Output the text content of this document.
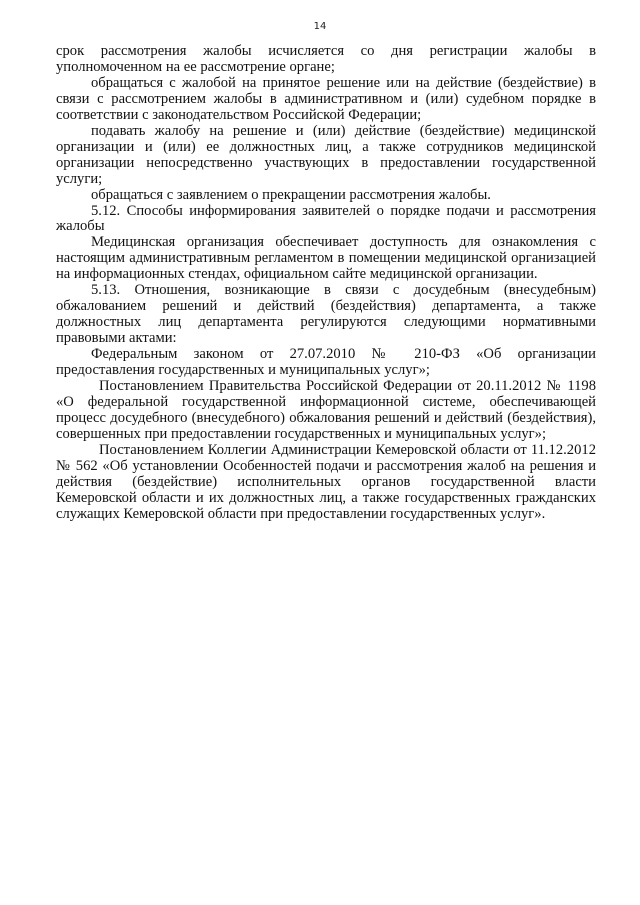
14

срок рассмотрения жалобы исчисляется со дня регистрации жалобы в уполномоченном на ее рассмотрение органе;

обращаться с жалобой на принятое решение или на действие (бездействие) в связи с рассмотрением жалобы в административном и (или) судебном порядке в соответствии с законодательством Российской Федерации;

подавать жалобу на решение и (или) действие (бездействие) медицинской организации и (или) ее должностных лиц, а также сотрудников медицинской организации непосредственно участвующих в предоставлении государственной услуги;

обращаться с заявлением о прекращении рассмотрения жалобы.

5.12. Способы информирования заявителей о порядке подачи и рассмотрения жалобы

Медицинская организация обеспечивает доступность для ознакомления с настоящим административным регламентом в помещении медицинской организацией на информационных стендах, официальном сайте медицинской организации.

5.13. Отношения, возникающие в связи с досудебным (внесудебным) обжалованием решений и действий (бездействия) департамента, а также должностных лиц департамента регулируются следующими нормативными правовыми актами:

Федеральным законом от 27.07.2010 № 210-ФЗ «Об организации предоставления государственных и муниципальных услуг»;

Постановлением Правительства Российской Федерации от 20.11.2012 № 1198 «О федеральной государственной информационной системе, обеспечивающей процесс досудебного (внесудебного) обжалования решений и действий (бездействия), совершенных при предоставлении государственных и муниципальных услуг»;

Постановлением Коллегии Администрации Кемеровской области от 11.12.2012 № 562 «Об установлении Особенностей подачи и рассмотрения жалоб на решения и действия (бездействие) исполнительных органов государственной власти Кемеровской области и их должностных лиц, а также государственных гражданских служащих Кемеровской области при предоставлении государственных услуг».
